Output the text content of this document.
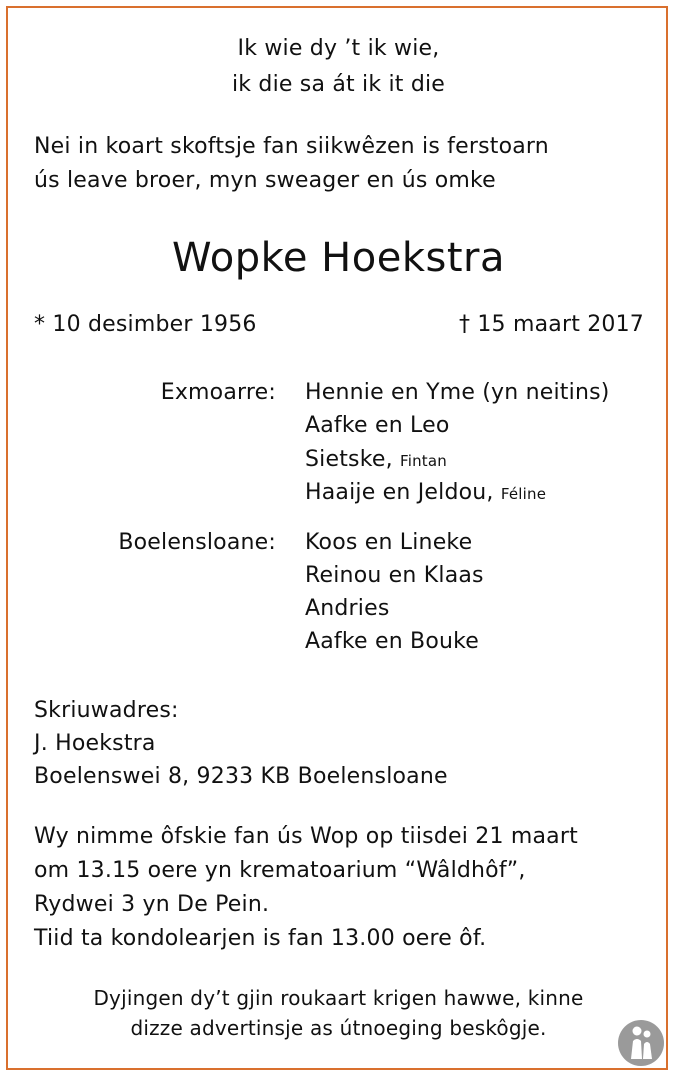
Ik wie dy ’t ik wie,
ik die sa át ik it die
Nei in koart skoftsje fan siikwêzen is ferstoarn
ús leave broer, myn sweager en ús omke
Wopke Hoekstra
* 10 desimber 1956	† 15 maart 2017
Exmoarre: Hennie en Yme (yn neitins)
Aafke en Leo
Sietske, Fintan
Haaije en Jeldou, Féline
Boelensloane: Koos en Lineke
Reinou en Klaas
Andries
Aafke en Bouke
Skriuwadres:
J. Hoekstra
Boelenswei 8, 9233 KB Boelensloane
Wy nimme ôfskie fan ús Wop op tiisdei 21 maart
om 13.15 oere yn krematoarium “Wâldhôf”,
Rydwei 3 yn De Pein.
Tiid ta kondolearjen is fan 13.00 oere ôf.
Dyjingen dy’t gjin roukaart krigen hawwe, kinne
dizze advertinsje as útnoeging beskôgje.
